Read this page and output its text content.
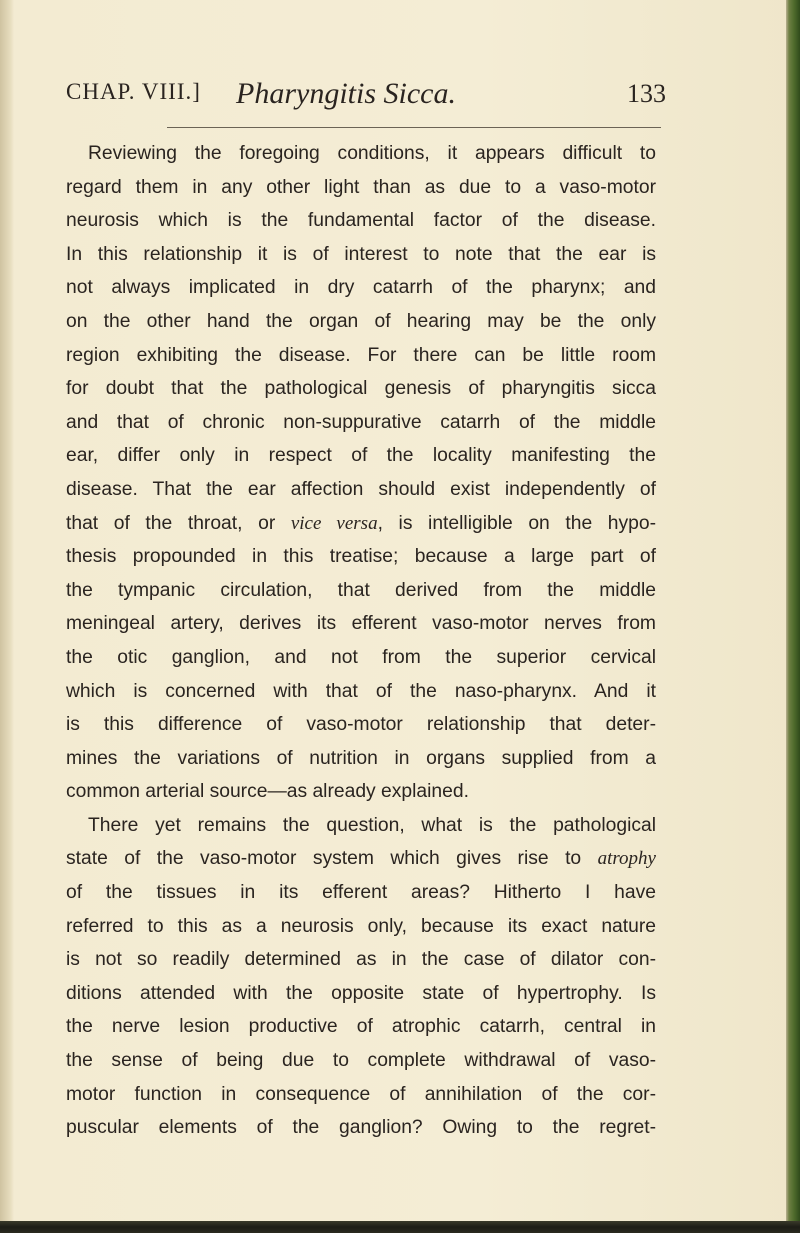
CHAP. VIII.] Pharyngitis Sicca.	133
Reviewing the foregoing conditions, it appears difficult to
regard them in any other light than as due to a vaso-motor
neurosis which is the fundamental factor of the disease.
In this relationship it is of interest to note that the ear is
not always implicated in dry catarrh of the pharynx; and
on the other hand the organ of hearing may be the only
region exhibiting the disease. For there can be little room
for doubt that the pathological genesis of pharyngitis sicca
and that of chronic non-suppurative catarrh of the middle
ear, differ only in respect of the locality manifesting the
disease. That the ear affection should exist independently of
that of the throat, or vice versa, is intelligible on the hypo-
thesis propounded in this treatise; because a large part of
the tympanic circulation, that derived from the middle
meningeal artery, derives its efferent vaso-motor nerves from
the otic ganglion, and not from the superior cervical
which is concerned with that of the naso-pharynx. And it
is this difference of vaso-motor relationship that deter-
mines the variations of nutrition in organs supplied from a
common arterial source—as already explained.
There yet remains the question, what is the pathological
state of the vaso-motor system which gives rise to atrophy
of the tissues in its efferent areas? Hitherto I have
referred to this as a neurosis only, because its exact nature
is not so readily determined as in the case of dilator con-
ditions attended with the opposite state of hypertrophy. Is
the nerve lesion productive of atrophic catarrh, central in
the sense of being due to complete withdrawal of vaso-
motor function in consequence of annihilation of the cor-
puscular elements of the ganglion? Owing to the regret-
